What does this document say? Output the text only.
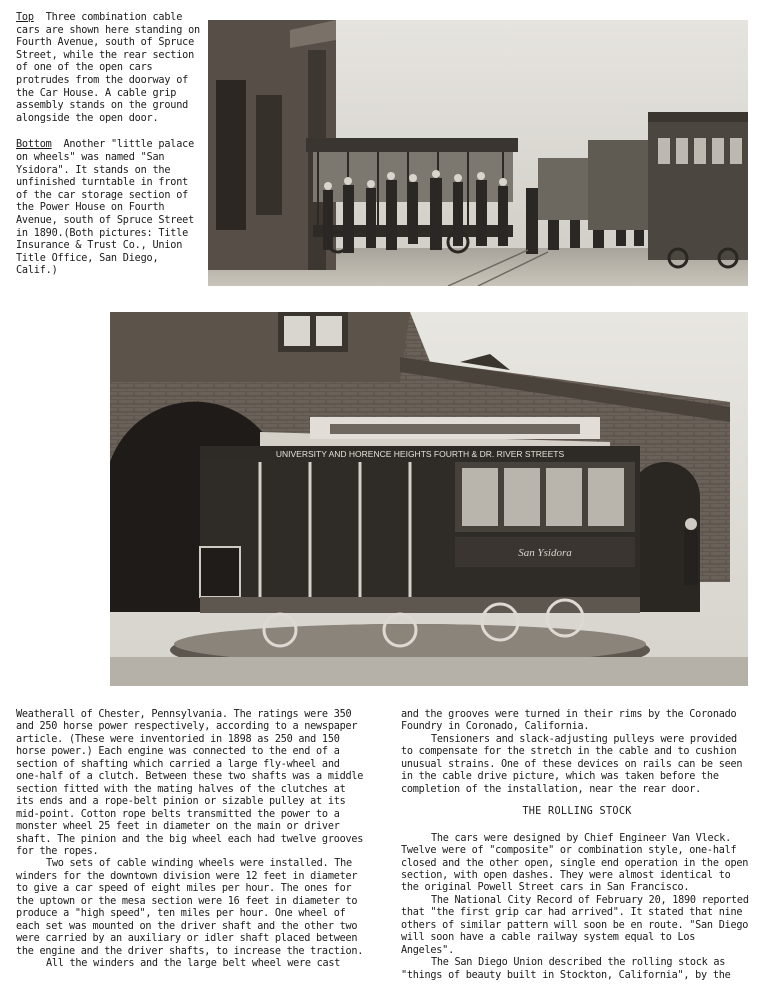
Top Three combination cable cars are shown here standing on Fourth Avenue, south of Spruce Street, while the rear section of one of the open cars protrudes from the doorway of the Car House. A cable grip assembly stands on the ground alongside the open door.

Bottom Another "little palace on wheels" was named "San Ysidora". It stands on the unfinished turntable in front of the car storage section of the Power House on Fourth Avenue, south of Spruce Street in 1890.(Both pictures: Title Insurance & Trust Co., Union Title Office, San Diego, Calif.)

UNIVERSITY AND HORENCE HEIGHTS FOURTH & DR. RIVER STREETS
San Ysidora

Weatherall of Chester, Pennsylvania. The ratings were 350 and 250 horse power respectively, according to a newspaper article. (These were inventoried in 1898 as 250 and 150 horse power.) Each engine was connected to the end of a section of shafting which carried a large fly-wheel and one-half of a clutch. Between these two shafts was a middle section fitted with the mating halves of the clutches at its ends and a rope-belt pinion or sizable pulley at its mid-point. Cotton rope belts transmitted the power to a monster wheel 25 feet in diameter on the main or driver shaft. The pinion and the big wheel each had twelve grooves for the ropes.

Two sets of cable winding wheels were installed. The winders for the downtown division were 12 feet in diameter to give a car speed of eight miles per hour. The ones for the uptown or the mesa section were 16 feet in diameter to produce a "high speed", ten miles per hour. One wheel of each set was mounted on the driver shaft and the other two were carried by an auxiliary or idler shaft placed between the engine and the driver shafts, to increase the traction.

All the winders and the large belt wheel were cast

and the grooves were turned in their rims by the Coronado Foundry in Coronado, California.

Tensioners and slack-adjusting pulleys were provided to compensate for the stretch in the cable and to cushion unusual strains. One of these devices on rails can be seen in the cable drive picture, which was taken before the completion of the installation, near the rear door.

THE ROLLING STOCK

The cars were designed by Chief Engineer Van Vleck. Twelve were of "composite" or combination style, one-half closed and the other open, single end operation in the open section, with open dashes. They were almost identical to the original Powell Street cars in San Francisco.

The National City Record of February 20, 1890 reported that "the first grip car had arrived". It stated that nine others of similar pattern will soon be en route. "San Diego will soon have a cable railway system equal to Los Angeles".

The San Diego Union described the rolling stock as "things of beauty built in Stockton, California", by the
